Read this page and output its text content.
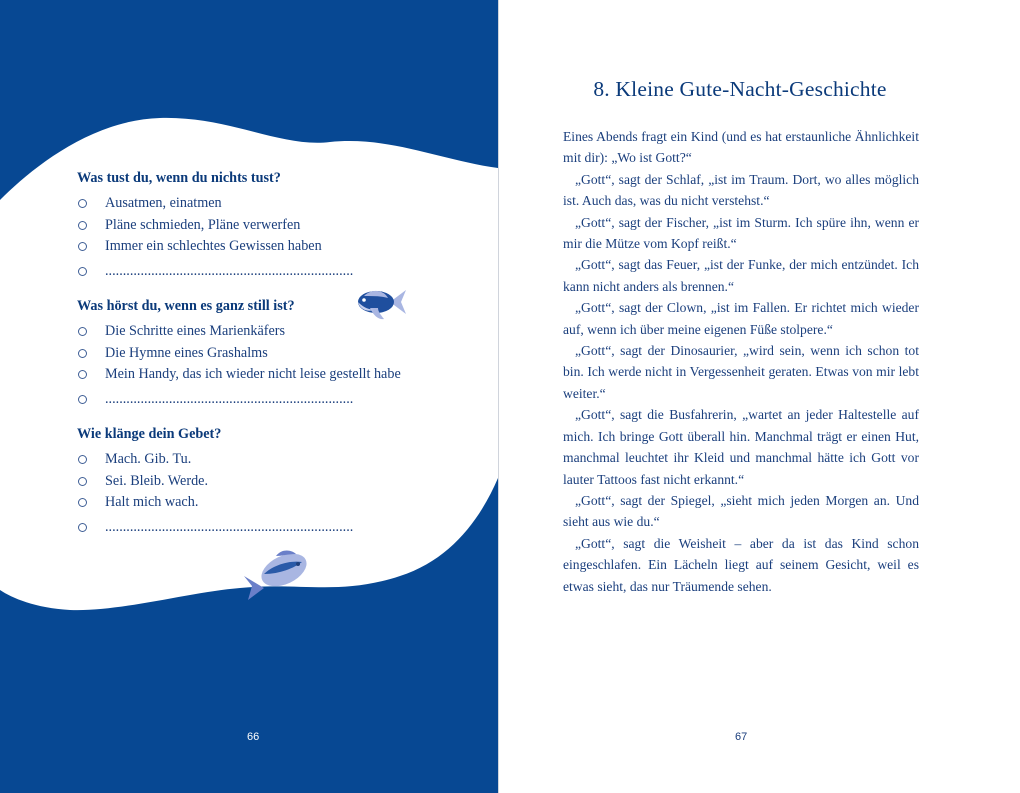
Was tust du, wenn du nichts tust?
Ausatmen, einatmen
Pläne schmieden, Pläne verwerfen
Immer ein schlechtes Gewissen haben
......................................................................
Was hörst du, wenn es ganz still ist?
Die Schritte eines Marienkäfers
Die Hymne eines Grashalms
Mein Handy, das ich wieder nicht leise gestellt habe
......................................................................
Wie klänge dein Gebet?
Mach. Gib. Tu.
Sei. Bleib. Werde.
Halt mich wach.
......................................................................
66
8. Kleine Gute-Nacht-Geschichte

Eines Abends fragt ein Kind (und es hat erstaunliche Ähnlichkeit mit dir): „Wo ist Gott?“

„Gott“, sagt der Schlaf, „ist im Traum. Dort, wo alles möglich ist. Auch das, was du nicht verstehst.“

„Gott“, sagt der Fischer, „ist im Sturm. Ich spüre ihn, wenn er mir die Mütze vom Kopf reißt.“

„Gott“, sagt das Feuer, „ist der Funke, der mich entzündet. Ich kann nicht anders als brennen.“

„Gott“, sagt der Clown, „ist im Fallen. Er richtet mich wieder auf, wenn ich über meine eigenen Füße stolpere.“

„Gott“, sagt der Dinosaurier, „wird sein, wenn ich schon tot bin. Ich werde nicht in Vergessenheit geraten. Etwas von mir lebt weiter.“

„Gott“, sagt die Busfahrerin, „wartet an jeder Haltestelle auf mich. Ich bringe Gott überall hin. Manchmal trägt er einen Hut, manchmal leuchtet ihr Kleid und manchmal hätte ich Gott vor lauter Tattoos fast nicht erkannt.“

„Gott“, sagt der Spiegel, „sieht mich jeden Morgen an. Und sieht aus wie du.“

„Gott“, sagt die Weisheit – aber da ist das Kind schon eingeschlafen. Ein Lächeln liegt auf seinem Gesicht, weil es etwas sieht, das nur Träumende sehen.

67
